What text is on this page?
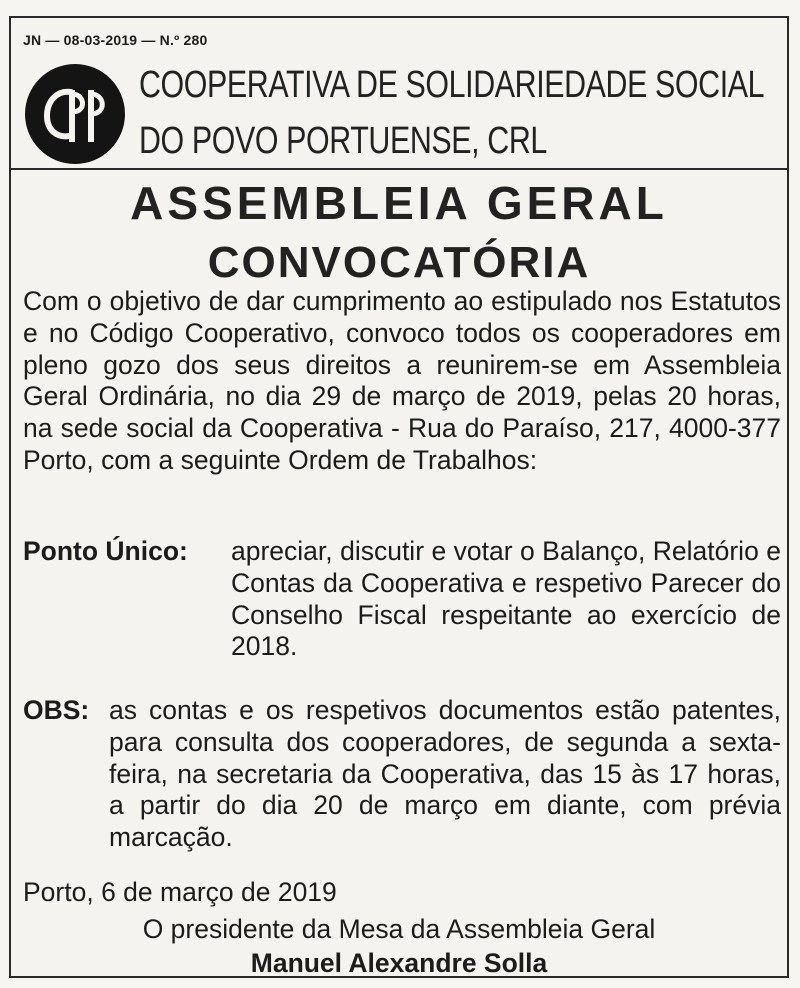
JN — 08-03-2019 — N.º 280
COOPERATIVA DE SOLIDARIEDADE SOCIAL
DO POVO PORTUENSE, CRL
ASSEMBLEIA GERAL
CONVOCATÓRIA

Com o objetivo de dar cumprimento ao estipulado nos Estatutos e no Código Cooperativo, convoco todos os cooperadores em pleno gozo dos seus direitos a reunirem-se em Assembleia Geral Ordinária, no dia 29 de março de 2019, pelas 20 horas, na sede social da Cooperativa - Rua do Paraíso, 217, 4000-377 Porto, com a seguinte Ordem de Trabalhos:

Ponto Único: apreciar, discutir e votar o Balanço, Relatório e Contas da Cooperativa e respetivo Parecer do Conselho Fiscal respeitante ao exercício de 2018.
OBS: as contas e os respetivos documentos estão patentes, para consulta dos cooperadores, de segunda a sexta-feira, na secretaria da Cooperativa, das 15 às 17 horas, a partir do dia 20 de março em diante, com prévia marcação.
Porto, 6 de março de 2019
O presidente da Mesa da Assembleia Geral
Manuel Alexandre Solla
